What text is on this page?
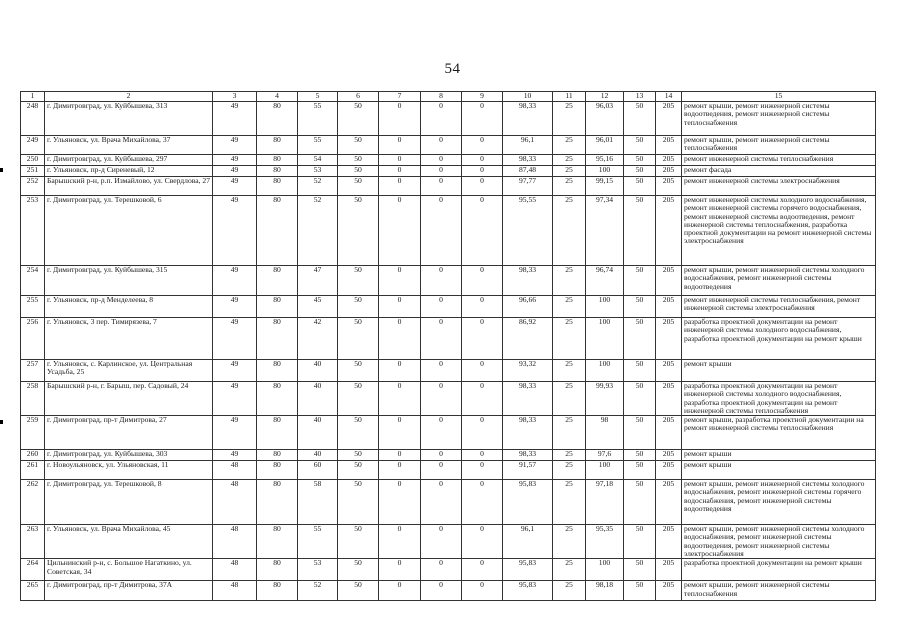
54
1	2	3	4	5	6	7	8	9	10	11	12	13	14	15
248	г. Димитровград, ул. Куйбышева, 313	49	80	55	50	0	0	0	98,33	25	96,03	50	205	ремонт крыши, ремонт инженерной системы водоотведения, ремонт инженерной системы теплоснабжения
249	г. Ульяновск, ул. Врача Михайлова, 37	49	80	55	50	0	0	0	96,1	25	96,01	50	205	ремонт крыши, ремонт инженерной системы теплоснабжения
250	г. Димитровград, ул. Куйбышева, 297	49	80	54	50	0	0	0	98,33	25	95,16	50	205	ремонт инженерной системы теплоснабжения
251	г. Ульяновск, пр-д Сиреневый, 12	49	80	53	50	0	0	0	87,48	25	100	50	205	ремонт фасада
252	Барышский р-н, р.п. Измайлово, ул. Свердлова, 27	49	80	52	50	0	0	0	97,77	25	99,15	50	205	ремонт инженерной системы электроснабжения
253	г. Димитровград, ул. Терешковой, 6	49	80	52	50	0	0	0	95,55	25	97,34	50	205	ремонт инженерной системы холодного водоснабжения, ремонт инженерной системы горячего водоснабжения, ремонт инженерной системы водоотведения, ремонт инженерной системы теплоснабжения, разработка проектной документации на ремонт инженерной системы электроснабжения
254	г. Димитровград, ул. Куйбышева, 315	49	80	47	50	0	0	0	98,33	25	96,74	50	205	ремонт крыши, ремонт инженерной системы холодного водоснабжения, ремонт инженерной системы водоотведения
255	г. Ульяновск, пр-д Менделеева, 8	49	80	45	50	0	0	0	96,66	25	100	50	205	ремонт инженерной системы теплоснабжения, ремонт инженерной системы электроснабжения
256	г. Ульяновск, 3 пер. Тимирязева, 7	49	80	42	50	0	0	0	86,92	25	100	50	205	разработка проектной документации на ремонт инженерной системы холодного водоснабжения, разработка проектной документации на ремонт крыши
257	г. Ульяновск, с. Карлинское, ул. Центральная Усадьба, 25	49	80	40	50	0	0	0	93,32	25	100	50	205	ремонт крыши
258	Барышский р-н, г. Барыш, пер. Садовый, 24	49	80	40	50	0	0	0	98,33	25	99,93	50	205	разработка проектной документации на ремонт инженерной системы холодного водоснабжения, разработка проектной документации на ремонт инженерной системы теплоснабжения
259	г. Димитровград, пр-т Димитрова, 27	49	80	40	50	0	0	0	98,33	25	98	50	205	ремонт крыши, разработка проектной документации на ремонт инженерной системы теплоснабжения
260	г. Димитровград, ул. Куйбышева, 303	49	80	40	50	0	0	0	98,33	25	97,6	50	205	ремонт крыши
261	г. Новоульяновск, ул. Ульяновская, 11	48	80	60	50	0	0	0	91,57	25	100	50	205	ремонт крыши
262	г. Димитровград, ул. Терешковой, 8	48	80	58	50	0	0	0	95,83	25	97,18	50	205	ремонт крыши, ремонт инженерной системы холодного водоснабжения, ремонт инженерной системы горячего водоснабжения, ремонт инженерной системы водоотведения
263	г. Ульяновск, ул. Врача Михайлова, 45	48	80	55	50	0	0	0	96,1	25	95,35	50	205	ремонт крыши, ремонт инженерной системы холодного водоснабжения, ремонт инженерной системы водоотведения, ремонт инженерной системы электроснабжения
264	Цильнинский р-н, с. Большое Нагаткино, ул. Советская, 34	48	80	53	50	0	0	0	95,83	25	100	50	205	разработка проектной документации на ремонт крыши
265	г. Димитровград, пр-т Димитрова, 37А	48	80	52	50	0	0	0	95,83	25	98,18	50	205	ремонт крыши, ремонт инженерной системы теплоснабжения
